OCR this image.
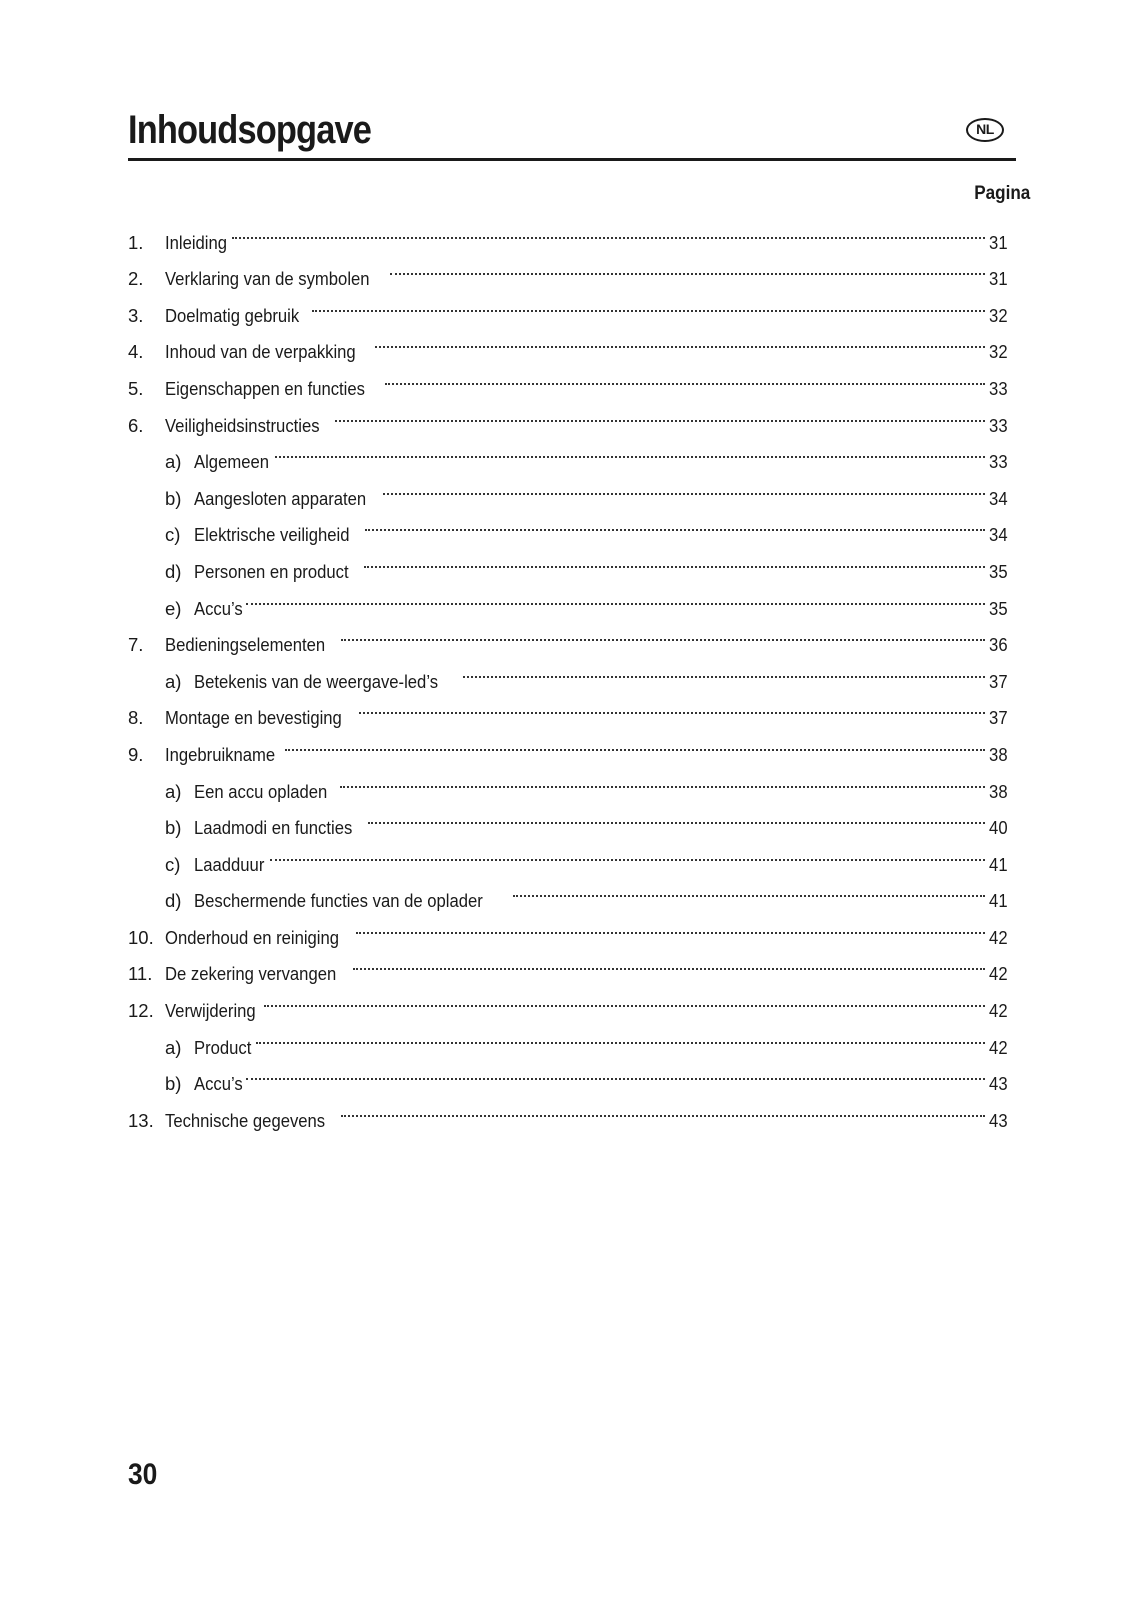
Inhoudsopgave	NL
Pagina
1.	Inleiding	31
2.	Verklaring van de symbolen	31
3.	Doelmatig gebruik	32
4.	Inhoud van de verpakking	32
5.	Eigenschappen en functies	33
6.	Veiligheidsinstructies	33
a) Algemeen	33
b) Aangesloten apparaten	34
c) Elektrische veiligheid	34
d) Personen en product	35
e) Accu’s	35
7.	Bedieningselementen	36
a) Betekenis van de weergave-led’s	37
8.	Montage en bevestiging	37
9.	Ingebruikname	38
a) Een accu opladen	38
b) Laadmodi en functies	40
c) Laadduur	41
d) Beschermende functies van de oplader	41
10. Onderhoud en reiniging	42
11. De zekering vervangen	42
12. Verwijdering	42
a) Product	42
b) Accu’s	43
13. Technische gegevens	43
30
